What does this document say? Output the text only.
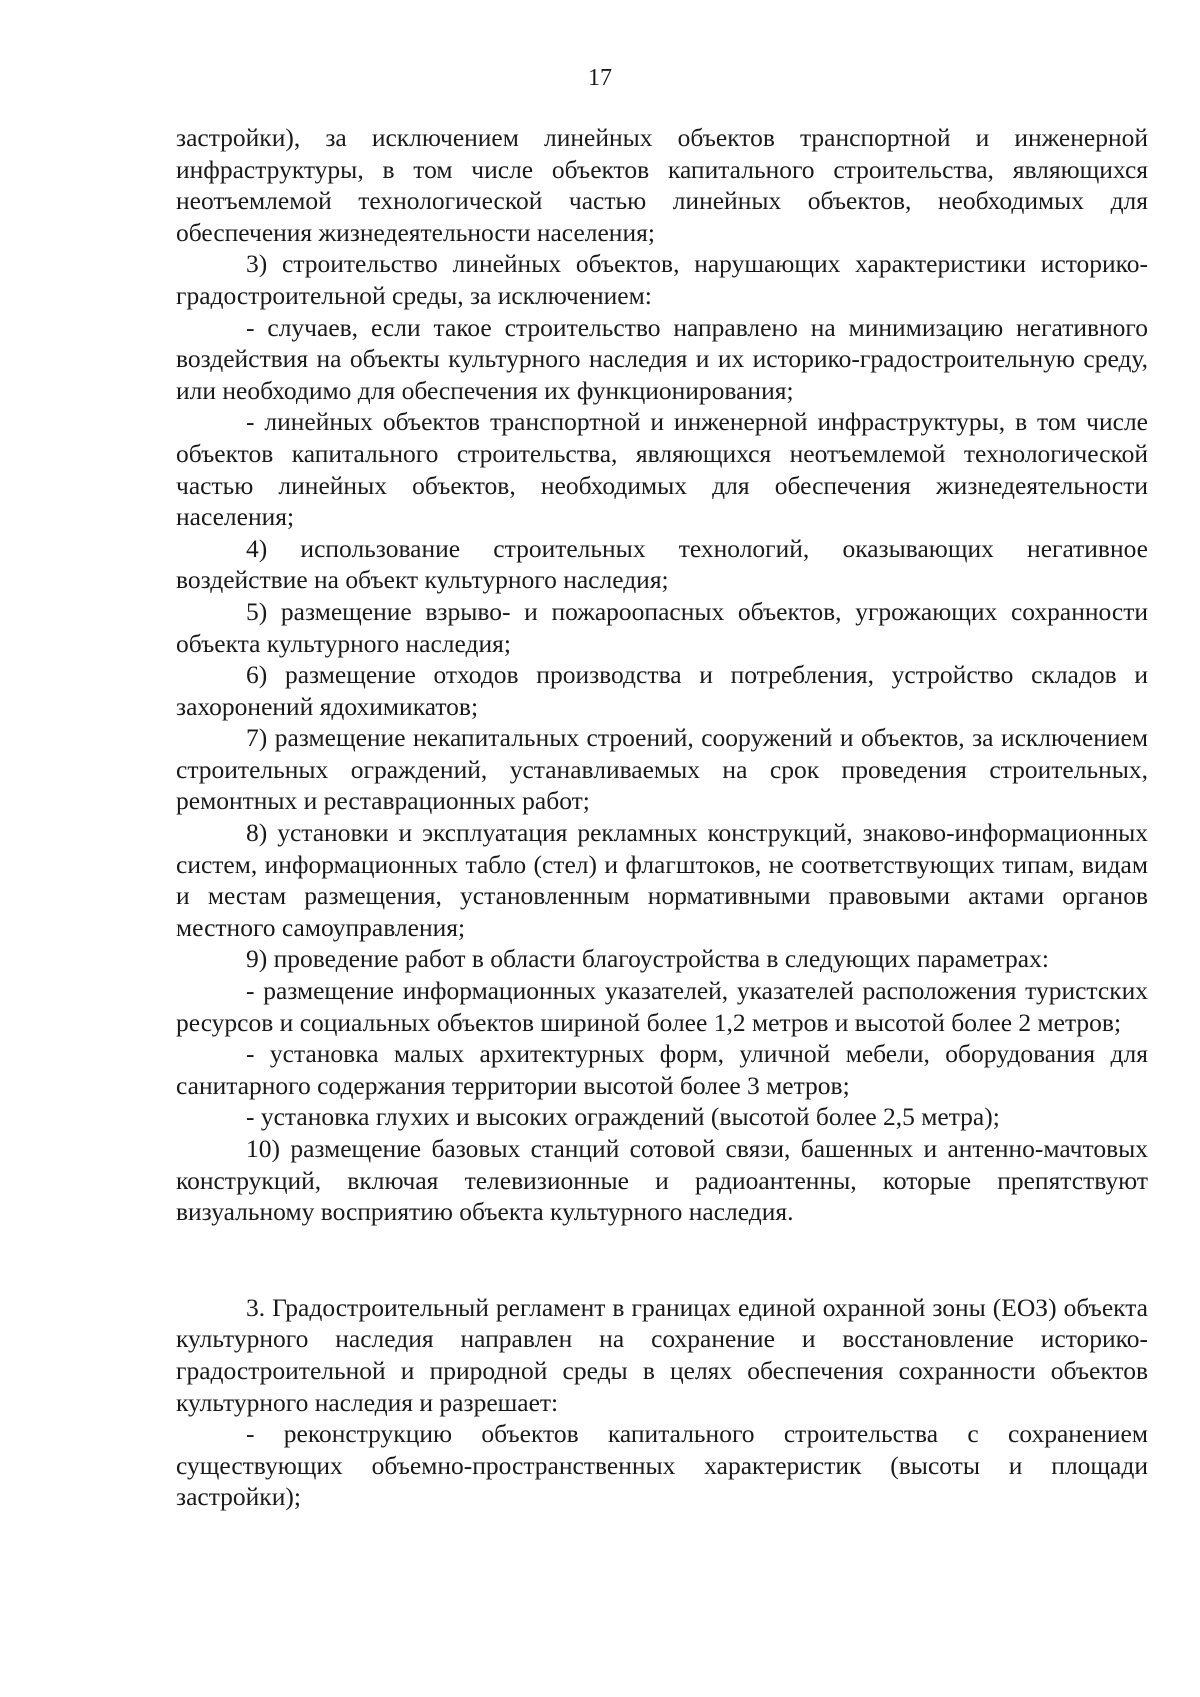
17

застройки), за исключением линейных объектов транспортной и инженерной инфраструктуры, в том числе объектов капитального строительства, являющихся неотъемлемой технологической частью линейных объектов, необходимых для обеспечения жизнедеятельности населения;

3) строительство линейных объектов, нарушающих характеристики историко-градостроительной среды, за исключением:

- случаев, если такое строительство направлено на минимизацию негативного воздействия на объекты культурного наследия и их историко-градостроительную среду, или необходимо для обеспечения их функционирования;

- линейных объектов транспортной и инженерной инфраструктуры, в том числе объектов капитального строительства, являющихся неотъемлемой технологической частью линейных объектов, необходимых для обеспечения жизнедеятельности населения;

4) использование строительных технологий, оказывающих негативное воздействие на объект культурного наследия;

5) размещение взрыво- и пожароопасных объектов, угрожающих сохранности объекта культурного наследия;

6) размещение отходов производства и потребления, устройство складов и захоронений ядохимикатов;

7) размещение некапитальных строений, сооружений и объектов, за исключением строительных ограждений, устанавливаемых на срок проведения строительных, ремонтных и реставрационных работ;

8) установки и эксплуатация рекламных конструкций, знаково-информационных систем, информационных табло (стел) и флагштоков, не соответствующих типам, видам и местам размещения, установленным нормативными правовыми актами органов местного самоуправления;

9) проведение работ в области благоустройства в следующих параметрах:

- размещение информационных указателей, указателей расположения туристских ресурсов и социальных объектов шириной более 1,2 метров и высотой более 2 метров;

- установка малых архитектурных форм, уличной мебели, оборудования для санитарного содержания территории высотой более 3 метров;

- установка глухих и высоких ограждений (высотой более 2,5 метра);

10) размещение базовых станций сотовой связи, башенных и антенно-мачтовых конструкций, включая телевизионные и радиоантенны, которые препятствуют визуальному восприятию объекта культурного наследия.

3. Градостроительный регламент в границах единой охранной зоны (ЕОЗ) объекта культурного наследия направлен на сохранение и восстановление историко-градостроительной и природной среды в целях обеспечения сохранности объектов культурного наследия и разрешает:

- реконструкцию объектов капитального строительства с сохранением существующих объемно-пространственных характеристик (высоты и площади застройки);
